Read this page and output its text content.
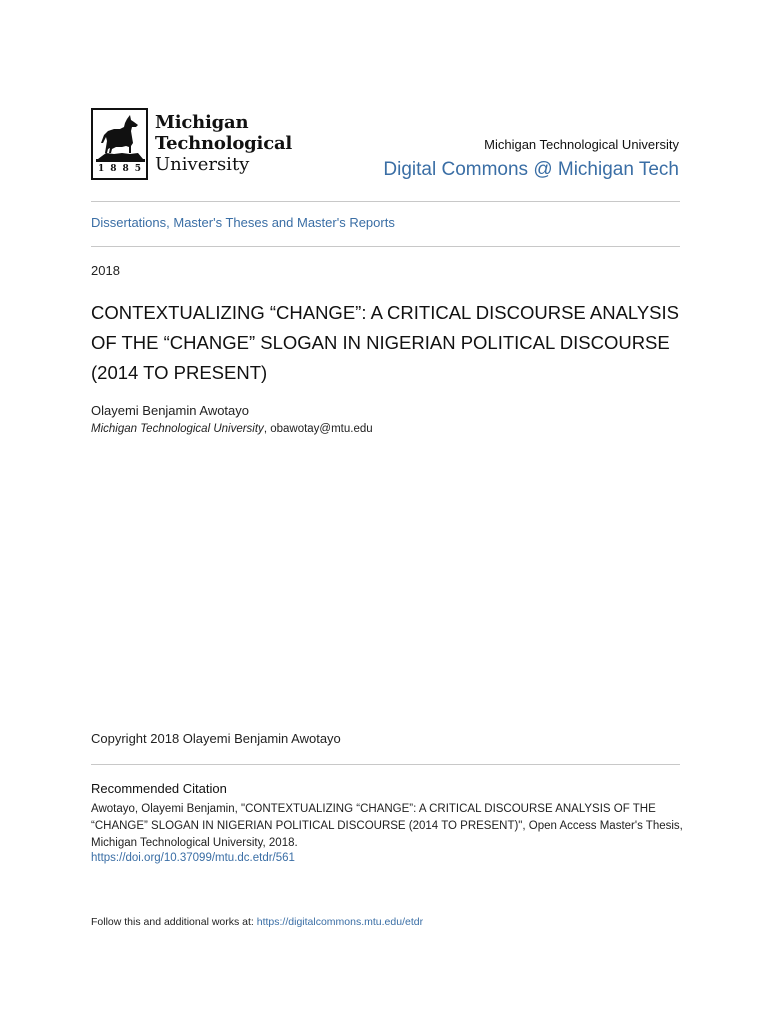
1 8 8 5
Michigan
Technological
University
Michigan Technological University
Digital Commons @ Michigan Tech
Dissertations, Master's Theses and Master's Reports
2018
CONTEXTUALIZING “CHANGE”: A CRITICAL DISCOURSE ANALYSIS OF THE “CHANGE” SLOGAN IN NIGERIAN POLITICAL DISCOURSE (2014 TO PRESENT)
Olayemi Benjamin Awotayo
Michigan Technological University, obawotay@mtu.edu
Copyright 2018 Olayemi Benjamin Awotayo
Recommended Citation
Awotayo, Olayemi Benjamin, "CONTEXTUALIZING “CHANGE”: A CRITICAL DISCOURSE ANALYSIS OF THE “CHANGE” SLOGAN IN NIGERIAN POLITICAL DISCOURSE (2014 TO PRESENT)", Open Access Master's Thesis, Michigan Technological University, 2018.
https://doi.org/10.37099/mtu.dc.etdr/561
Follow this and additional works at: https://digitalcommons.mtu.edu/etdr
